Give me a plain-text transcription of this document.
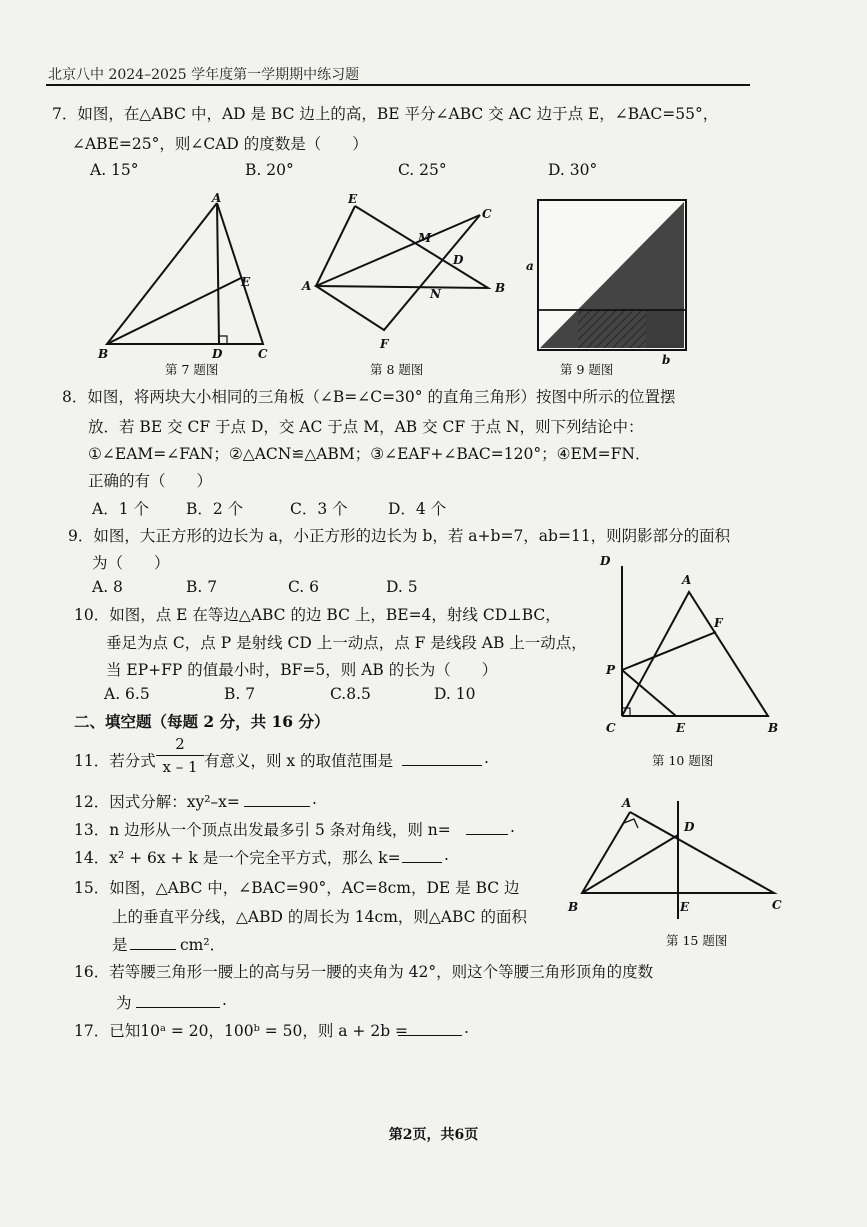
北京八中 2024–2025 学年度第一学期期中练习题
7．如图，在△ABC 中，AD 是 BC 边上的高，BE 平分∠ABC 交 AC 边于点 E，∠BAC=55°，
∠ABE=25°，则∠CAD 的度数是（　　）
A. 15°	B. 20°	C. 25°	D. 30°
A
B	C
D
E
第 7 题图
E
C
M
D
A
N	B
F
第 8 题图
a
b
第 9 题图
8．如图，将两块大小相同的三角板（∠B=∠C=30° 的直角三角形）按图中所示的位置摆
放．若 BE 交 CF 于点 D，交 AC 于点 M，AB 交 CF 于点 N，则下列结论中：
①∠EAM=∠FAN；②△ACN≌△ABM；③∠EAF+∠BAC=120°；④EM=FN．
正确的有（　　）
A．1 个 B．2 个	C．3 个	D．4 个
9．如图，大正方形的边长为 a，小正方形的边长为 b，若 a+b=7，ab=11，则阴影部分的面积
为（　　）
A. 8	B. 7	C. 6	D. 5
D
A
F
P
C	E	B
第 10 题图
10．如图，点 E 在等边△ABC 的边 BC 上，BE=4，射线 CD⊥BC，
垂足为点 C，点 P 是射线 CD 上一动点，点 F 是线段 AB 上一动点，
当 EP+FP 的值最小时，BF=5，则 AB 的长为（　　）
A. 6.5	B. 7	C.8.5	D. 10
二、填空题（每题 2 分，共 16 分）
11．若分式
2
x – 1 有意义，则 x 的取值范围是	.
12．因式分解：xy²–x=	.
13．n 边形从一个顶点出发最多引 5 条对角线，则 n=	.
14．x² + 6x + k 是一个完全平方式，那么 k=	.
15．如图，△ABC 中，∠BAC=90°，AC=8cm，DE 是 BC 边
上的垂直平分线，△ABD 的周长为 14cm，则△ABC 的面积
是	cm²．
A
D
B	E	C
第 15 题图
16．若等腰三角形一腰上的高与另一腰的夹角为 42°，则这个等腰三角形顶角的度数
为	.
17．已知10ᵃ = 20，100ᵇ = 50，则 a + 2b =	.
第2页，共6页
